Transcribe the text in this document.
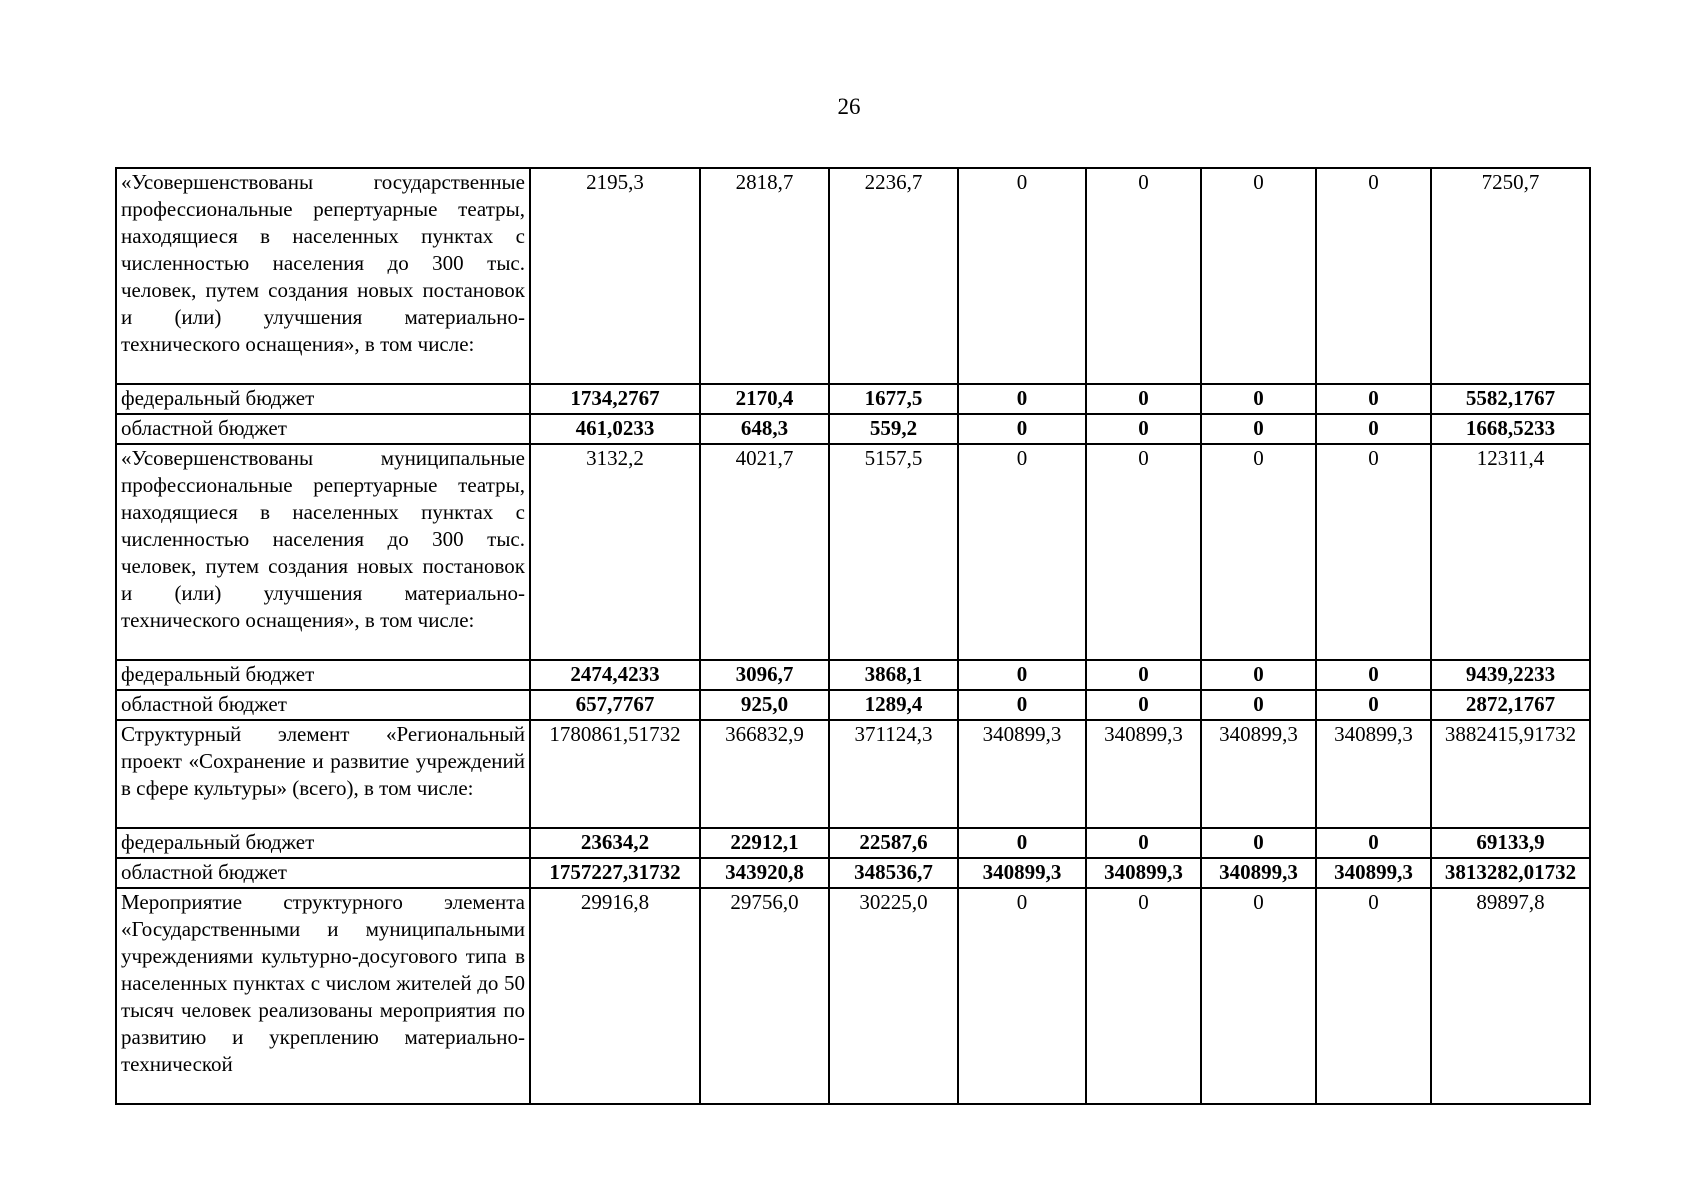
26
«Усовершенствованы государственные профессиональные репертуарные театры, находящиеся в населенных пунктах с численностью населения до 300 тыс. человек, путем создания новых постановок и (или) улучшения материально-технического оснащения», в том числе:	2195,3	2818,7	2236,7	0	0	0	0	7250,7
федеральный бюджет	1734,2767	2170,4	1677,5	0	0	0	0	5582,1767
областной бюджет	461,0233	648,3	559,2	0	0	0	0	1668,5233
«Усовершенствованы муниципальные профессиональные репертуарные театры, находящиеся в населенных пунктах с численностью населения до 300 тыс. человек, путем создания новых постановок и (или) улучшения материально-технического оснащения», в том числе:	3132,2	4021,7	5157,5	0	0	0	0	12311,4
федеральный бюджет	2474,4233	3096,7	3868,1	0	0	0	0	9439,2233
областной бюджет	657,7767	925,0	1289,4	0	0	0	0	2872,1767
Структурный элемент «Региональный проект «Сохранение и развитие учреждений в сфере культуры» (всего), в том числе:	1780861,51732	366832,9	371124,3	340899,3	340899,3	340899,3	340899,3	3882415,91732
федеральный бюджет	23634,2	22912,1	22587,6	0	0	0	0	69133,9
областной бюджет	1757227,31732	343920,8	348536,7	340899,3	340899,3	340899,3	340899,3	3813282,01732
Мероприятие структурного элемента «Государственными и муниципальными учреждениями культурно-досугового типа в населенных пунктах с числом жителей до 50 тысяч человек реализованы мероприятия по развитию и укреплению материально-технической	29916,8	29756,0	30225,0	0	0	0	0	89897,8
